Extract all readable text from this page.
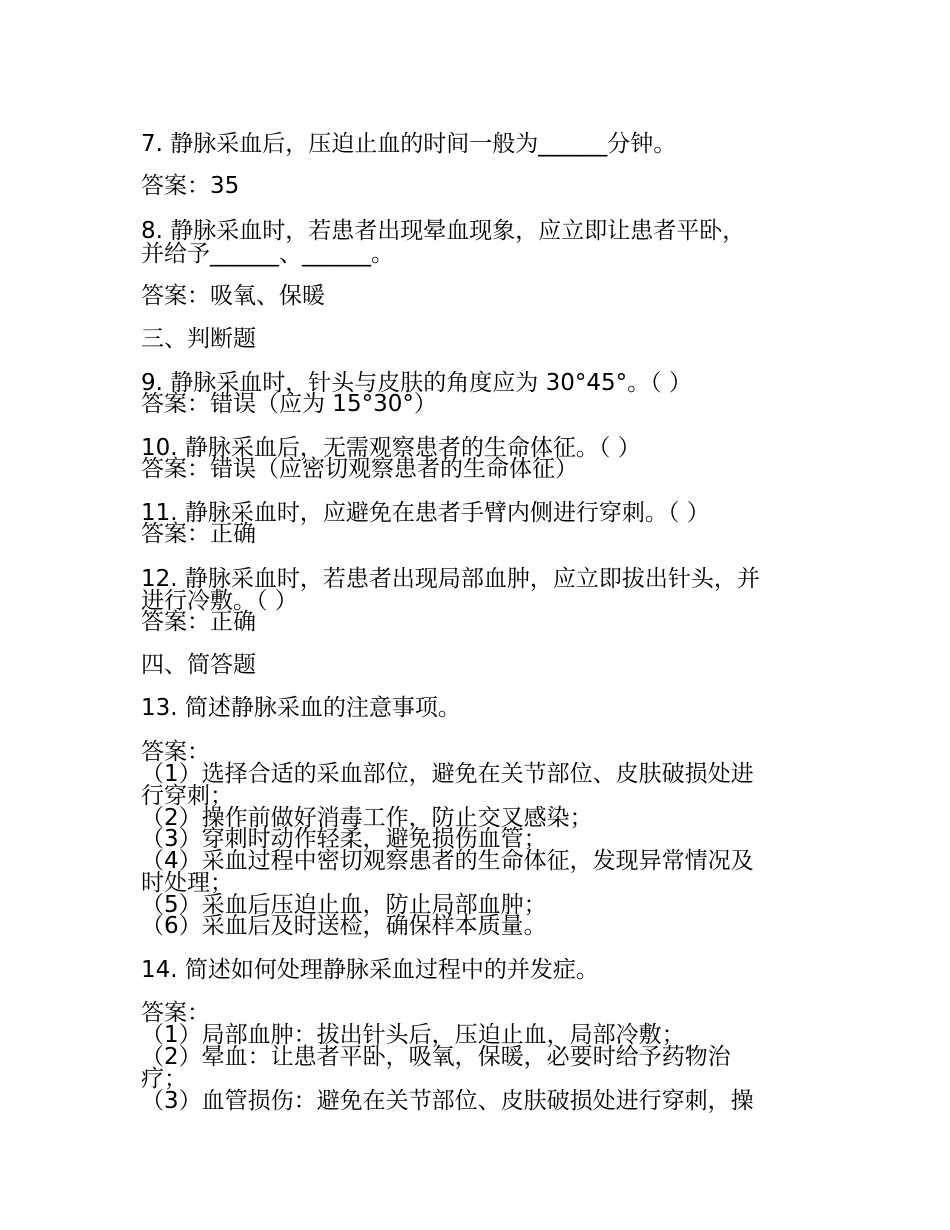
7. 静脉采血后，压迫止血的时间一般为______分钟。

答案：35

8. 静脉采血时，若患者出现晕血现象，应立即让患者平卧，

并给予______、______。

答案：吸氧、保暖

三、判断题

9. 静脉采血时，针头与皮肤的角度应为 30°45°。（ ）

答案：错误（应为 15°30°）

10. 静脉采血后，无需观察患者的生命体征。（ ）

答案：错误（应密切观察患者的生命体征）

11. 静脉采血时，应避免在患者手臂内侧进行穿刺。（ ）

答案：正确

12. 静脉采血时，若患者出现局部血肿，应立即拔出针头，并

进行冷敷。（ ）

答案：正确

四、简答题

13. 简述静脉采血的注意事项。

答案：

（1）选择合适的采血部位，避免在关节部位、皮肤破损处进

行穿刺；

（2）操作前做好消毒工作，防止交叉感染；

（3）穿刺时动作轻柔，避免损伤血管；

（4）采血过程中密切观察患者的生命体征，发现异常情况及

时处理；

（5）采血后压迫止血，防止局部血肿；

（6）采血后及时送检，确保样本质量。

14. 简述如何处理静脉采血过程中的并发症。

答案：

（1）局部血肿：拔出针头后，压迫止血，局部冷敷；

（2）晕血：让患者平卧，吸氧，保暖，必要时给予药物治

疗；

（3）血管损伤：避免在关节部位、皮肤破损处进行穿刺，操
